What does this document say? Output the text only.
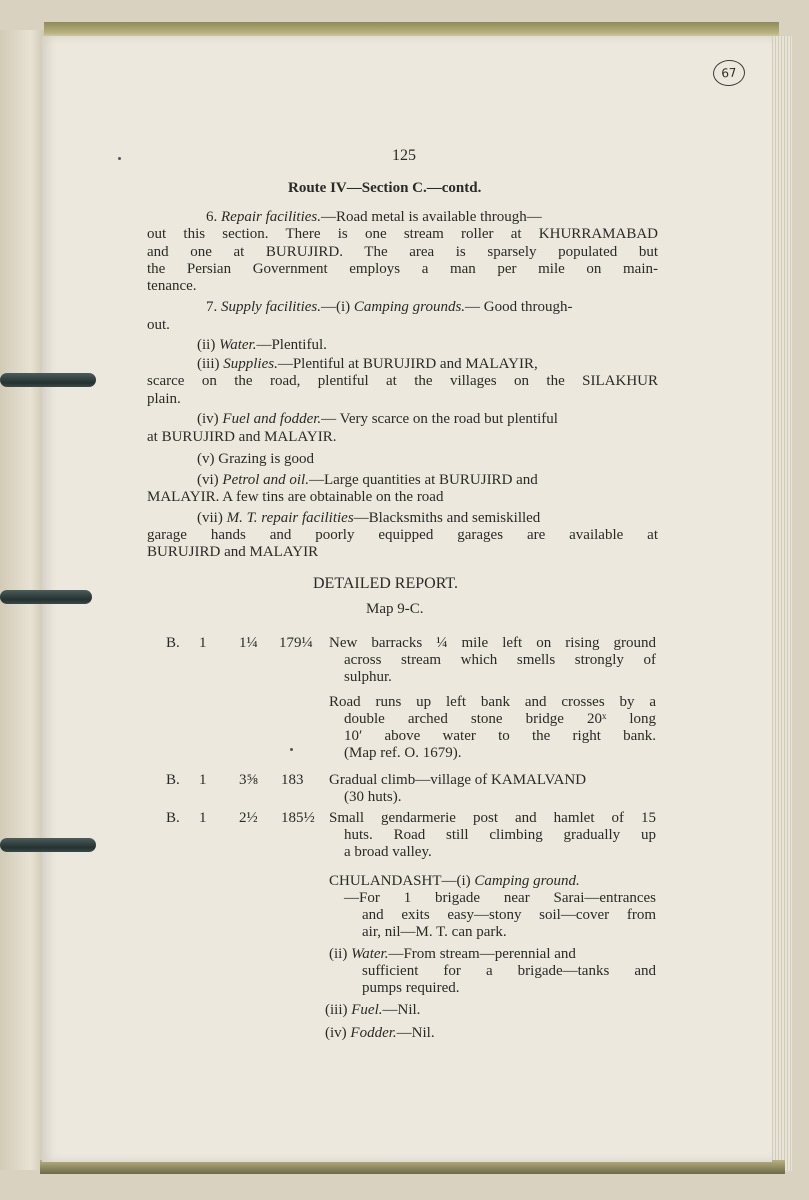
67
125
Route IV—Section C.—contd.
6. Repair facilities.—Road metal is available through—
out this section. There is one stream roller at KHURRAMABAD
and one at BURUJIRD. The area is sparsely populated but
the Persian Government employs a man per mile on main-
tenance.
7. Supply facilities.—(i) Camping grounds.— Good through-
out.
(ii) Water.—Plentiful.
(iii) Supplies.—Plentiful at BURUJIRD and MALAYIR,
scarce on the road, plentiful at the villages on the SILAKHUR
plain.
(iv) Fuel and fodder.— Very scarce on the road but plentiful
at BURUJIRD and MALAYIR.
(v) Grazing is good
(vi) Petrol and oil.—Large quantities at BURUJIRD and
MALAYIR. A few tins are obtainable on the road
(vii) M. T. repair facilities—Blacksmiths and semiskilled
garage hands and poorly equipped garages are available at
BURUJIRD and MALAYIR
DETAILED REPORT.
Map 9-C.
B. 1 1¼ 179¼ New barracks ¼ mile left on rising ground
across stream which smells strongly of
sulphur.
Road runs up left bank and crosses by a
double arched stone bridge 20ˣ long
10′ above water to the right bank.
(Map ref. O. 1679).
B. 1 3⅝ 183 Gradual climb—village of KAMALVAND
(30 huts).
B. 1 2½ 185½ Small gendarmerie post and hamlet of 15
huts. Road still climbing gradually up
a broad valley.
CHULANDASHT—(i) Camping ground.
—For 1 brigade near Sarai—entrances
and exits easy—stony soil—cover from
air, nil—M. T. can park.
(ii) Water.—From stream—perennial and
sufficient for a brigade—tanks and
pumps required.
(iii) Fuel.—Nil.
(iv) Fodder.—Nil.
